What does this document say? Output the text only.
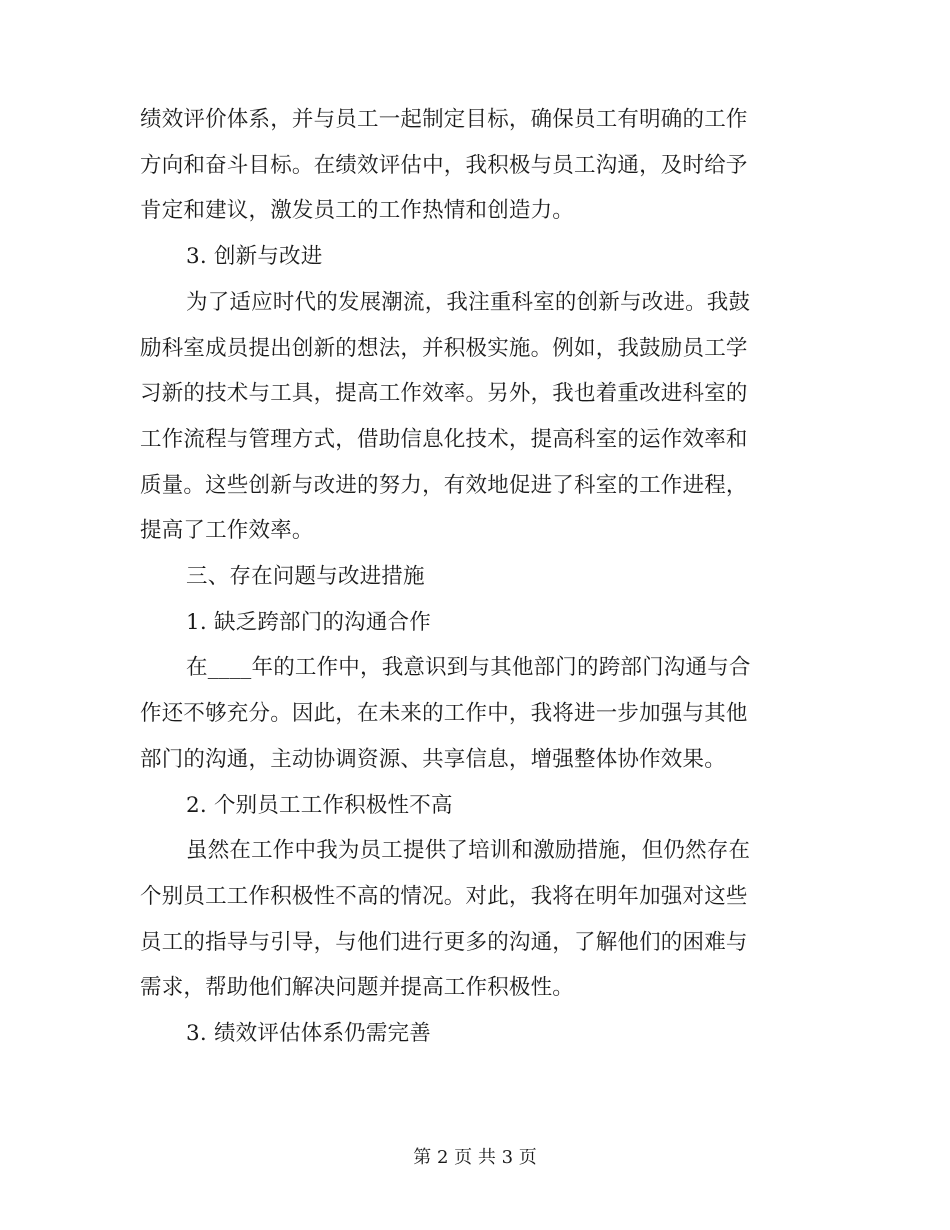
绩效评价体系，并与员工一起制定目标，确保员工有明确的工作
方向和奋斗目标。在绩效评估中，我积极与员工沟通，及时给予
肯定和建议，激发员工的工作热情和创造力。
3. 创新与改进
为了适应时代的发展潮流，我注重科室的创新与改进。我鼓
励科室成员提出创新的想法，并积极实施。例如，我鼓励员工学
习新的技术与工具，提高工作效率。另外，我也着重改进科室的
工作流程与管理方式，借助信息化技术，提高科室的运作效率和
质量。这些创新与改进的努力，有效地促进了科室的工作进程，
提高了工作效率。
三、存在问题与改进措施
1. 缺乏跨部门的沟通合作
在____年的工作中，我意识到与其他部门的跨部门沟通与合
作还不够充分。因此，在未来的工作中，我将进一步加强与其他
部门的沟通，主动协调资源、共享信息，增强整体协作效果。
2. 个别员工工作积极性不高
虽然在工作中我为员工提供了培训和激励措施，但仍然存在
个别员工工作积极性不高的情况。对此，我将在明年加强对这些
员工的指导与引导，与他们进行更多的沟通，了解他们的困难与
需求，帮助他们解决问题并提高工作积极性。
3. 绩效评估体系仍需完善
第 2 页 共 3 页
